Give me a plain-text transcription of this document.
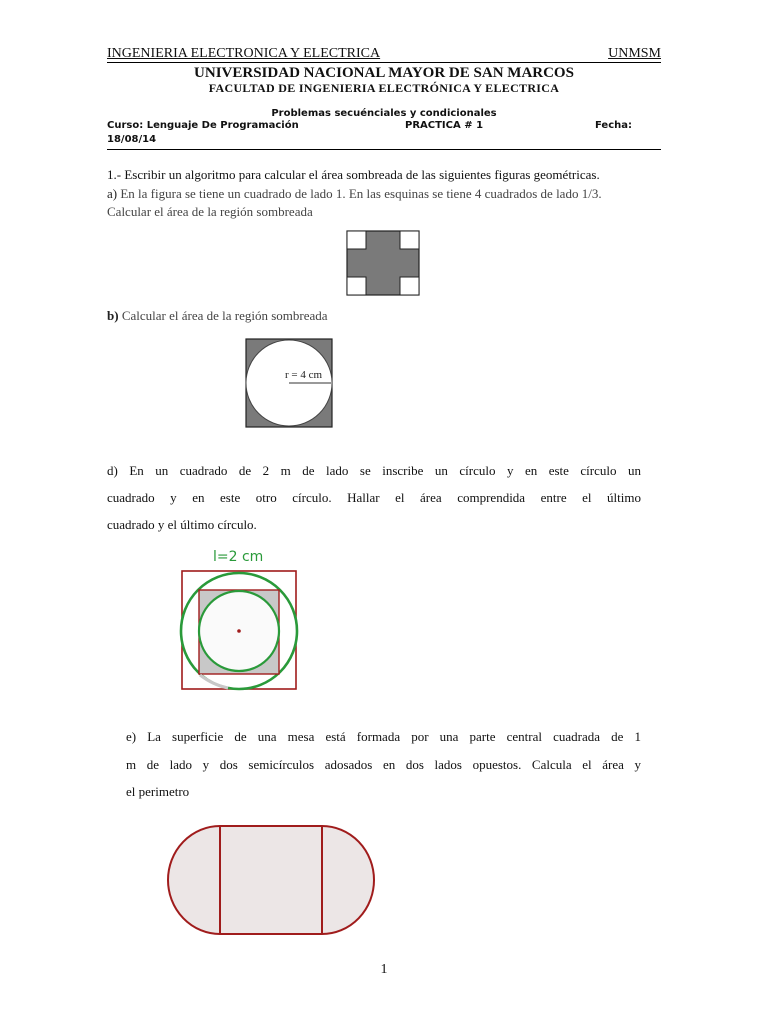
INGENIERIA ELECTRONICA Y ELECTRICA	UNMSM
UNIVERSIDAD NACIONAL MAYOR DE SAN MARCOS
FACULTAD DE INGENIERIA ELECTRÓNICA Y ELECTRICA
Problemas secuénciales y condicionales
Curso: Lenguaje De Programación	PRACTICA # 1	Fecha:
18/08/14
1.- Escribir un algoritmo para calcular el área sombreada de las siguientes figuras geométricas.
a) En la figura se tiene un cuadrado de lado 1. En las esquinas se tiene 4 cuadrados de lado 1/3.
Calcular el área de la región sombreada
b) Calcular el área de la región sombreada
r = 4 cm
d) En un cuadrado de 2 m de lado se inscribe un círculo y en este círculo un
cuadrado y en este otro círculo. Hallar el área comprendida entre el último
cuadrado y el último círculo.
l=2 cm
e) La superficie de una mesa está formada por una parte central cuadrada de 1
m de lado y dos semicírculos adosados en dos lados opuestos. Calcula el área y
el perimetro
1
